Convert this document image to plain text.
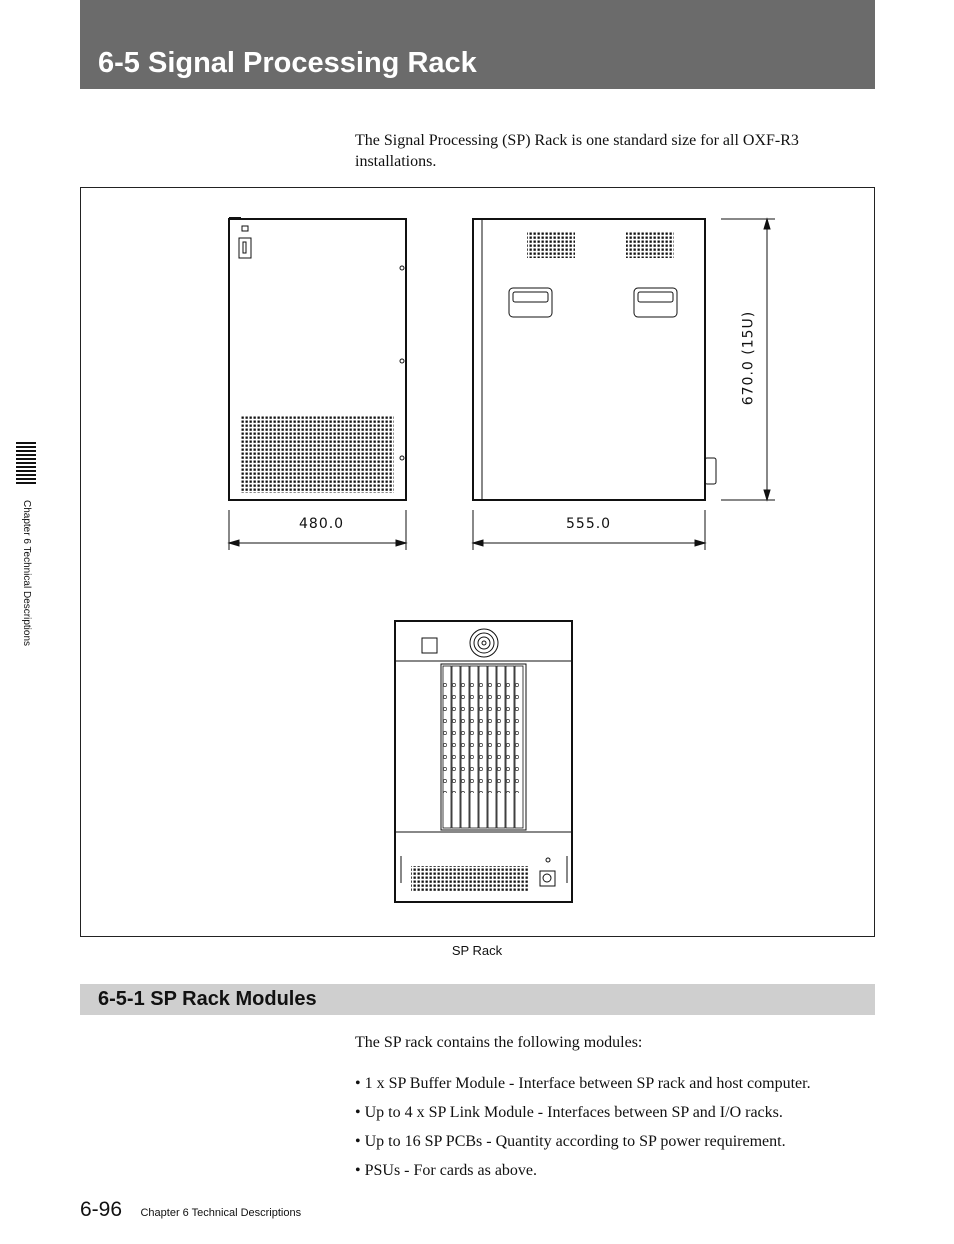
6-5 Signal Processing Rack

The Signal Processing (SP) Rack is one standard size for all OXF-R3 installations.

480.0	555.0
670.0 (15U)
SP Rack
6-5-1 SP Rack Modules

The SP rack contains the following modules:

• 1 x SP Buffer Module - Interface between SP rack and host computer.
• Up to 4 x SP Link Module - Interfaces between SP and I/O racks.
• Up to 16 SP PCBs - Quantity according to SP power requirement.
• PSUs - For cards as above.
Chapter 6 Technical Descriptions
6-96 Chapter 6 Technical Descriptions
